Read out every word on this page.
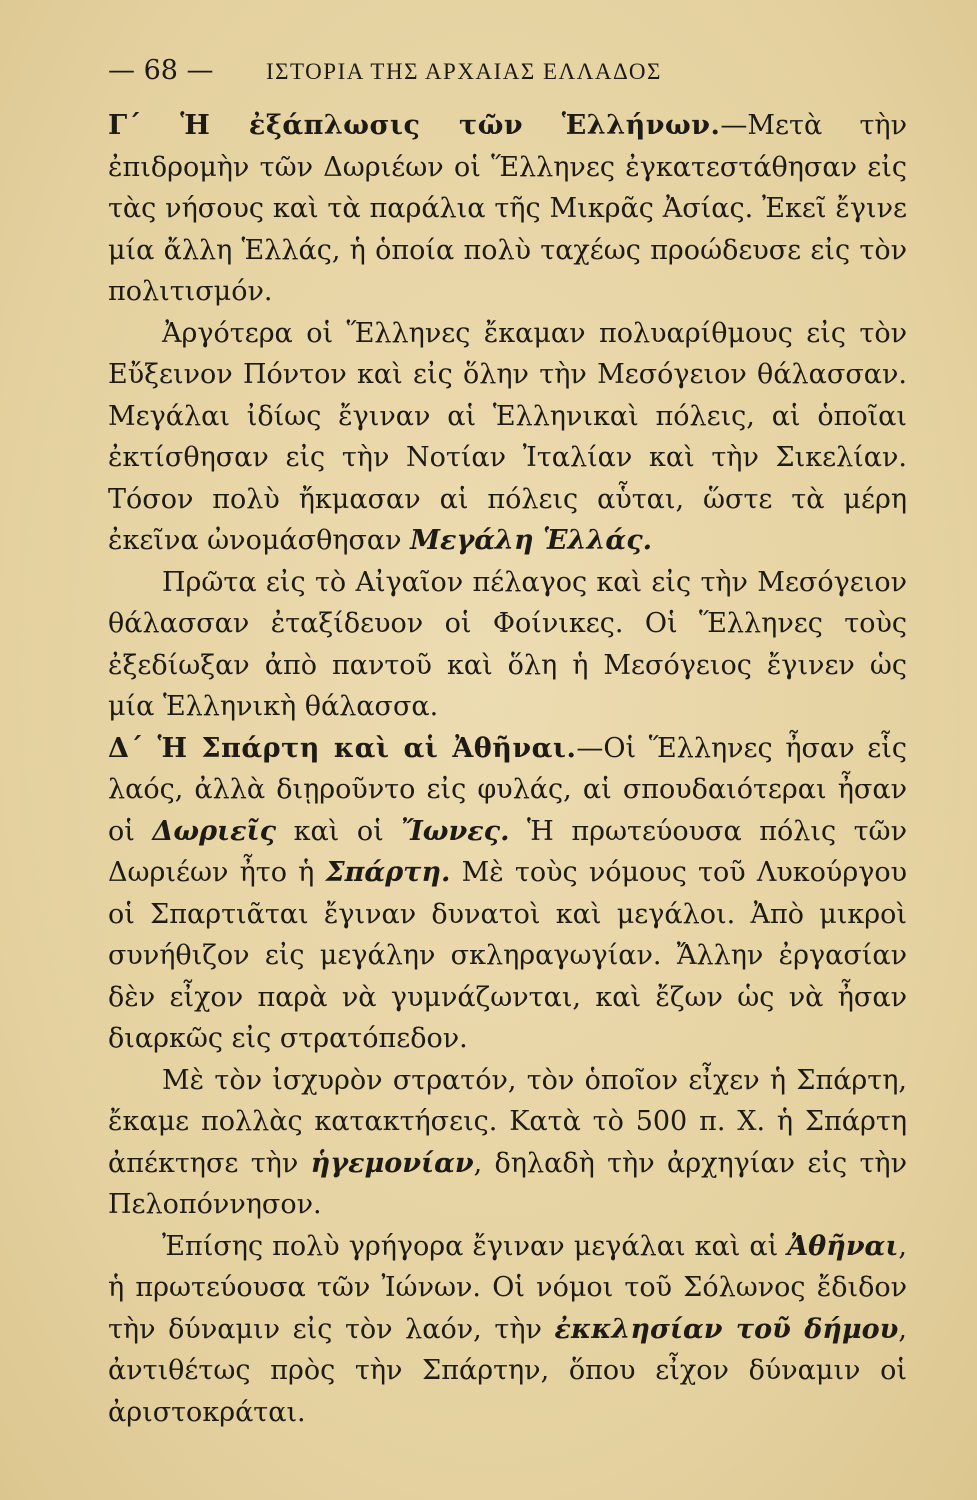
— 68 —	ΙΣΤΟΡΙΑ ΤΗΣ ΑΡΧΑΙΑΣ ΕΛΛΑΔΟΣ

Γ΄ Ἡ ἐξάπλωσις τῶν Ἑλλήνων.—Μετὰ τὴν ἐπιδρομὴν τῶν Δωριέων οἱ Ἕλληνες ἐγκατεστάθησαν εἰς τὰς νήσους καὶ τὰ παράλια τῆς Μικρᾶς Ἀσίας. Ἐκεῖ ἔγινε μία ἄλλη Ἑλλάς, ἡ ὁποία πολὺ ταχέως προώδευσε εἰς τὸν πολιτισμόν.

Ἀργότερα οἱ Ἕλληνες ἔκαμαν πολυαρίθμους εἰς τὸν Εὔξεινον Πόντον καὶ εἰς ὅλην τὴν Μεσόγειον θάλασσαν. Μεγάλαι ἰδίως ἔγιναν αἱ Ἑλληνικαὶ πόλεις, αἱ ὁποῖαι ἐκτίσθησαν εἰς τὴν Νοτίαν Ἰταλίαν καὶ τὴν Σικελίαν. Τόσον πολὺ ἤκμασαν αἱ πόλεις αὗται, ὥστε τὰ μέρη ἐκεῖνα ὠνομάσθησαν Μεγάλη Ἑλλάς.

Πρῶτα εἰς τὸ Αἰγαῖον πέλαγος καὶ εἰς τὴν Μεσόγειον θάλασσαν ἐταξίδευον οἱ Φοίνικες. Οἱ Ἕλληνες τοὺς ἐξεδίωξαν ἀπὸ παντοῦ καὶ ὅλη ἡ Μεσόγειος ἔγινεν ὡς μία Ἑλληνικὴ θάλασσα.

Δ΄ Ἡ Σπάρτη καὶ αἱ Ἀθῆναι.—Οἱ Ἕλληνες ἦσαν εἷς λαός, ἀλλὰ διῃροῦντο εἰς φυλάς, αἱ σπουδαιότεραι ἦσαν οἱ Δωριεῖς καὶ οἱ Ἴωνες. Ἡ πρωτεύουσα πόλις τῶν Δωριέων ἦτο ἡ Σπάρτη. Μὲ τοὺς νόμους τοῦ Λυκούργου οἱ Σπαρτιᾶται ἔγιναν δυνατοὶ καὶ μεγάλοι. Ἀπὸ μικροὶ συνήθιζον εἰς μεγάλην σκληραγωγίαν. Ἄλλην ἐργασίαν δὲν εἶχον παρὰ νὰ γυμνάζωνται, καὶ ἔζων ὡς νὰ ἦσαν διαρκῶς εἰς στρατόπεδον.

Μὲ τὸν ἰσχυρὸν στρατόν, τὸν ὁποῖον εἶχεν ἡ Σπάρτη, ἔκαμε πολλὰς κατακτήσεις. Κατὰ τὸ 500 π. Χ. ἡ Σπάρτη ἀπέκτησε τὴν ἡγεμονίαν, δηλαδὴ τὴν ἀρχηγίαν εἰς τὴν Πελοπόννησον.

Ἐπίσης πολὺ γρήγορα ἔγιναν μεγάλαι καὶ αἱ Ἀθῆναι, ἡ πρωτεύουσα τῶν Ἰώνων. Οἱ νόμοι τοῦ Σόλωνος ἔδιδον τὴν δύναμιν εἰς τὸν λαόν, τὴν ἐκκλησίαν τοῦ δήμου, ἀντιθέτως πρὸς τὴν Σπάρτην, ὅπου εἶχον δύναμιν οἱ ἀριστοκράται.
